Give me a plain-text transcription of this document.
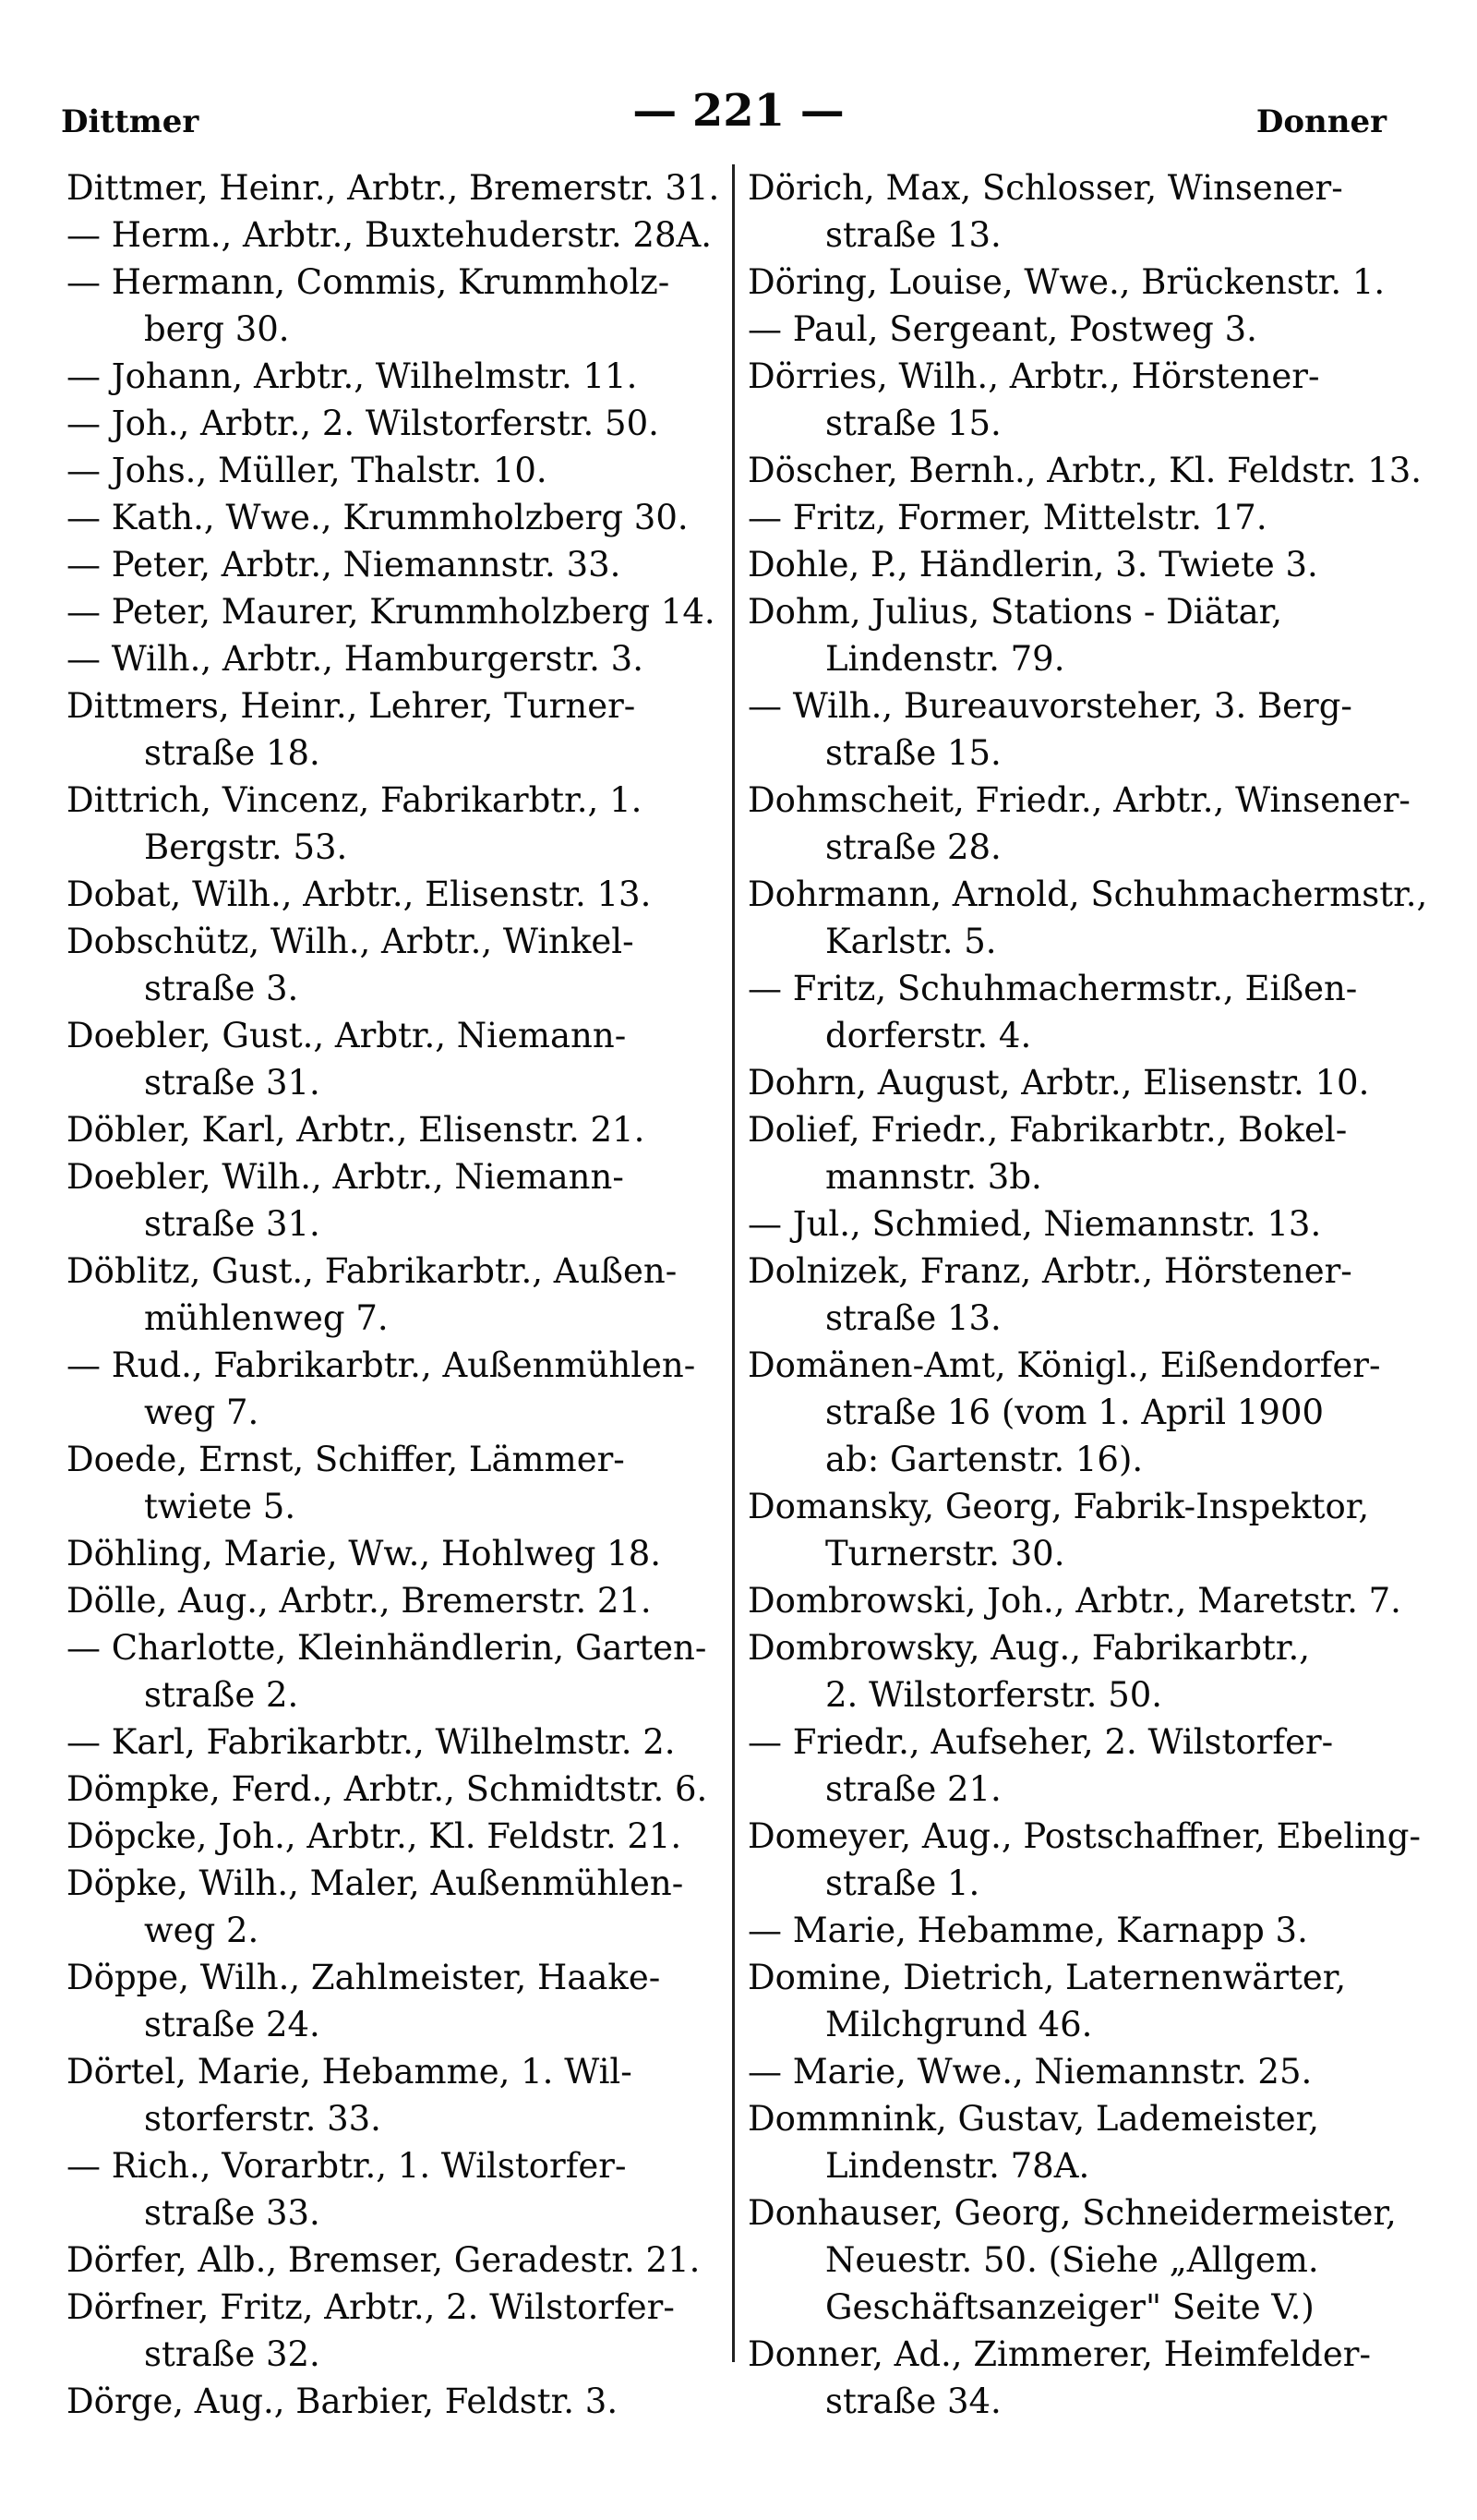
Dittmer	— 221 —	Donner
Dittmer, Heinr., Arbtr., Bremerstr. 31.
— Herm., Arbtr., Buxtehuderstr. 28A.
— Hermann, Commis, Krummholz-
berg 30.
— Johann, Arbtr., Wilhelmstr. 11.
— Joh., Arbtr., 2. Wilstorferstr. 50.
— Johs., Müller, Thalstr. 10.
— Kath., Wwe., Krummholzberg 30.
— Peter, Arbtr., Niemannstr. 33.
— Peter, Maurer, Krummholzberg 14.
— Wilh., Arbtr., Hamburgerstr. 3.
Dittmers, Heinr., Lehrer, Turner-
straße 18.
Dittrich, Vincenz, Fabrikarbtr., 1.
Bergstr. 53.
Dobat, Wilh., Arbtr., Elisenstr. 13.
Dobschütz, Wilh., Arbtr., Winkel-
straße 3.
Doebler, Gust., Arbtr., Niemann-
straße 31.
Döbler, Karl, Arbtr., Elisenstr. 21.
Doebler, Wilh., Arbtr., Niemann-
straße 31.
Döblitz, Gust., Fabrikarbtr., Außen-
mühlenweg 7.
— Rud., Fabrikarbtr., Außenmühlen-
weg 7.
Doede, Ernst, Schiffer, Lämmer-
twiete 5.
Döhling, Marie, Ww., Hohlweg 18.
Dölle, Aug., Arbtr., Bremerstr. 21.
— Charlotte, Kleinhändlerin, Garten-
straße 2.
— Karl, Fabrikarbtr., Wilhelmstr. 2.
Dömpke, Ferd., Arbtr., Schmidtstr. 6.
Döpcke, Joh., Arbtr., Kl. Feldstr. 21.
Döpke, Wilh., Maler, Außenmühlen-
weg 2.
Döppe, Wilh., Zahlmeister, Haake-
straße 24.
Dörtel, Marie, Hebamme, 1. Wil-
storferstr. 33.
— Rich., Vorarbtr., 1. Wilstorfer-
straße 33.
Dörfer, Alb., Bremser, Geradestr. 21.
Dörfner, Fritz, Arbtr., 2. Wilstorfer-
straße 32.
Dörge, Aug., Barbier, Feldstr. 3.
Dörich, Max, Schlosser, Winsener-
straße 13.
Döring, Louise, Wwe., Brückenstr. 1.
— Paul, Sergeant, Postweg 3.
Dörries, Wilh., Arbtr., Hörstener-
straße 15.
Döscher, Bernh., Arbtr., Kl. Feldstr. 13.
— Fritz, Former, Mittelstr. 17.
Dohle, P., Händlerin, 3. Twiete 3.
Dohm, Julius, Stations - Diätar,
Lindenstr. 79.
— Wilh., Bureauvorsteher, 3. Berg-
straße 15.
Dohmscheit, Friedr., Arbtr., Winsener-
straße 28.
Dohrmann, Arnold, Schuhmachermstr.,
Karlstr. 5.
— Fritz, Schuhmachermstr., Eißen-
dorferstr. 4.
Dohrn, August, Arbtr., Elisenstr. 10.
Dolief, Friedr., Fabrikarbtr., Bokel-
mannstr. 3b.
— Jul., Schmied, Niemannstr. 13.
Dolnizek, Franz, Arbtr., Hörstener-
straße 13.
Domänen-Amt, Königl., Eißendorfer-
straße 16 (vom 1. April 1900
ab: Gartenstr. 16).
Domansky, Georg, Fabrik-Inspektor,
Turnerstr. 30.
Dombrowski, Joh., Arbtr., Maretstr. 7.
Dombrowsky, Aug., Fabrikarbtr.,
2. Wilstorferstr. 50.
— Friedr., Aufseher, 2. Wilstorfer-
straße 21.
Domeyer, Aug., Postschaffner, Ebeling-
straße 1.
— Marie, Hebamme, Karnapp 3.
Domine, Dietrich, Laternenwärter,
Milchgrund 46.
— Marie, Wwe., Niemannstr. 25.
Dommnink, Gustav, Lademeister,
Lindenstr. 78A.
Donhauser, Georg, Schneidermeister,
Neuestr. 50. (Siehe „Allgem.
Geschäftsanzeiger" Seite V.)
Donner, Ad., Zimmerer, Heimfelder-
straße 34.
